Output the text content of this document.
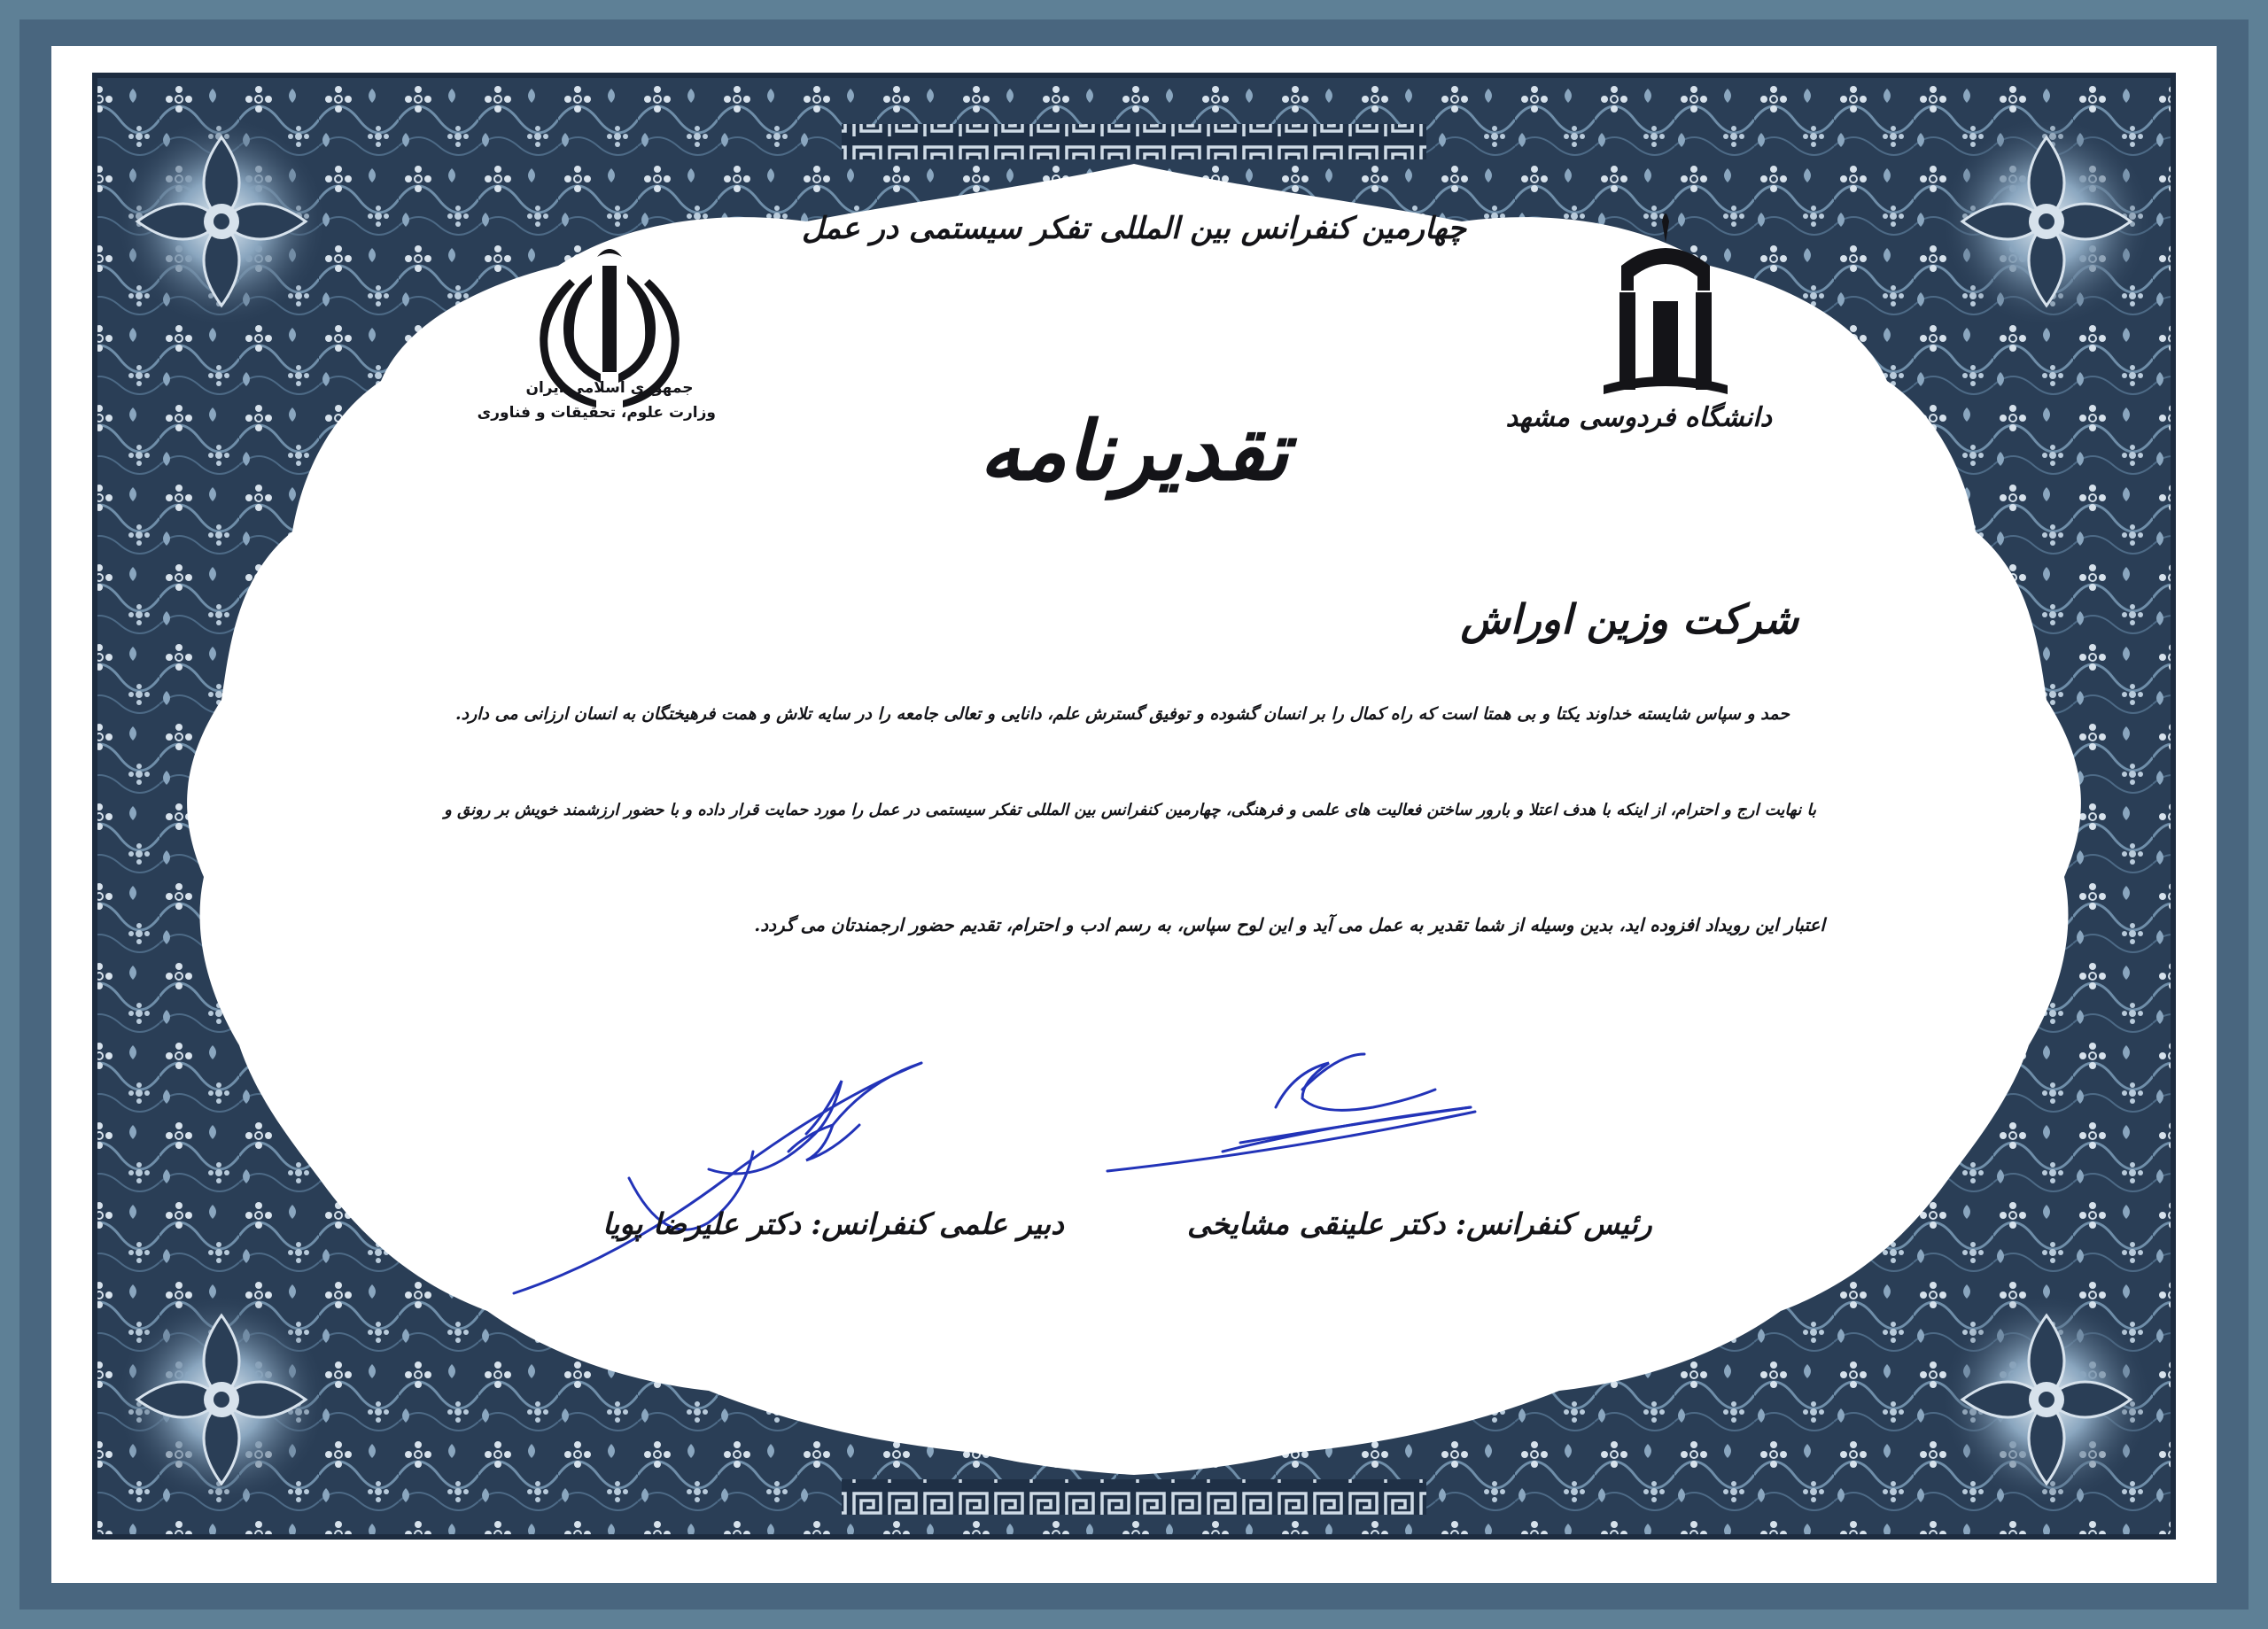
چهارمین کنفرانس بین المللی تفکر سیستمی در عمل
تقدیرنامه
جمهوری اسلامی ایران
وزارت علوم، تحقیقات و فناوری	دانشگاه فردوسی مشهد

شرکت وزین اوراش

حمد و سپاس شایسته خداوند یکتا و بی همتا است که راه کمال را بر انسان گشوده و توفیق گسترش علم، دانایی و تعالی جامعه را در سایه تلاش و همت فرهیختگان به انسان ارزانی می دارد.

با نهایت ارج و احترام، از اینکه با هدف اعتلا و بارور ساختن فعالیت های علمی و فرهنگی، چهارمین کنفرانس بین المللی تفکر سیستمی در عمل را مورد حمایت قرار داده و با حضور ارزشمند خویش بر رونق و

اعتبار این رویداد افزوده اید، بدین وسیله از شما تقدیر به عمل می آید و این لوح سپاس، به رسم ادب و احترام، تقدیم حضور ارجمندتان می گردد.

دبیر علمی کنفرانس: دکتر علیرضا پویا	رئیس کنفرانس: دکتر علینقی مشایخی
